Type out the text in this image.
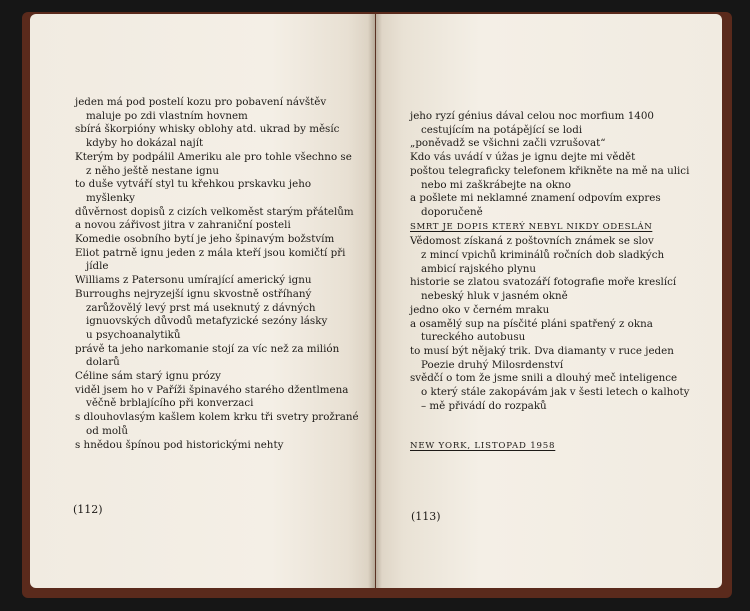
jeden má pod postelí kozu pro pobavení návštěv
maluje po zdi vlastním hovnem
sbírá škorpióny whisky oblohy atd. ukrad by měsíc
kdyby ho dokázal najít
Kterým by podpálil Ameriku ale pro tohle všechno se
z něho ještě nestane ignu
to duše vytváří styl tu křehkou prskavku jeho
myšlenky
důvěrnost dopisů z cizích velkoměst starým přátelům
a novou zářivost jitra v zahraniční posteli
Komedie osobního bytí je jeho špinavým božstvím
Eliot patrně ignu jeden z mála kteří jsou komičtí při
jídle
Williams z Patersonu umírající americký ignu
Burroughs nejryzejší ignu skvostně ostříhaný
zarůžovělý levý prst má useknutý z dávných
ignuovských důvodů metafyzické sezóny lásky
u psychoanalytiků
právě ta jeho narkomanie stojí za víc než za milión
dolarů
Céline sám starý ignu prózy
viděl jsem ho v Paříži špinavého starého džentlmena
věčně brblajícího při konverzaci
s dlouhovlasým kašlem kolem krku tři svetry prožrané
od molů
s hnědou špínou pod historickými nehty
(112)
jeho ryzí génius dával celou noc morfium 1400
cestujícím na potápějící se lodi
„poněvadž se všichni začli vzrušovat“
Kdo vás uvádí v úžas je ignu dejte mi vědět
poštou telegraficky telefonem křikněte na mě na ulici
nebo mi zaškrábejte na okno
a pošlete mi neklamné znamení odpovím expres
doporučeně
SMRT JE DOPIS KTERÝ NEBYL NIKDY ODESLÁN
Vědomost získaná z poštovních známek se slov
z mincí vpichů kriminálů ročních dob sladkých
ambicí rajského plynu
historie se zlatou svatozáří fotografie moře kreslící
nebeský hluk v jasném okně
jedno oko v černém mraku
a osamělý sup na písčité pláni spatřený z okna
tureckého autobusu
to musí být nějaký trik. Dva diamanty v ruce jeden
Poezie druhý Milosrdenství
svědčí o tom že jsme snili a dlouhý meč inteligence
o který stále zakopávám jak v šesti letech o kalhoty
– mě přivádí do rozpaků
NEW YORK, LISTOPAD 1958
(113)
